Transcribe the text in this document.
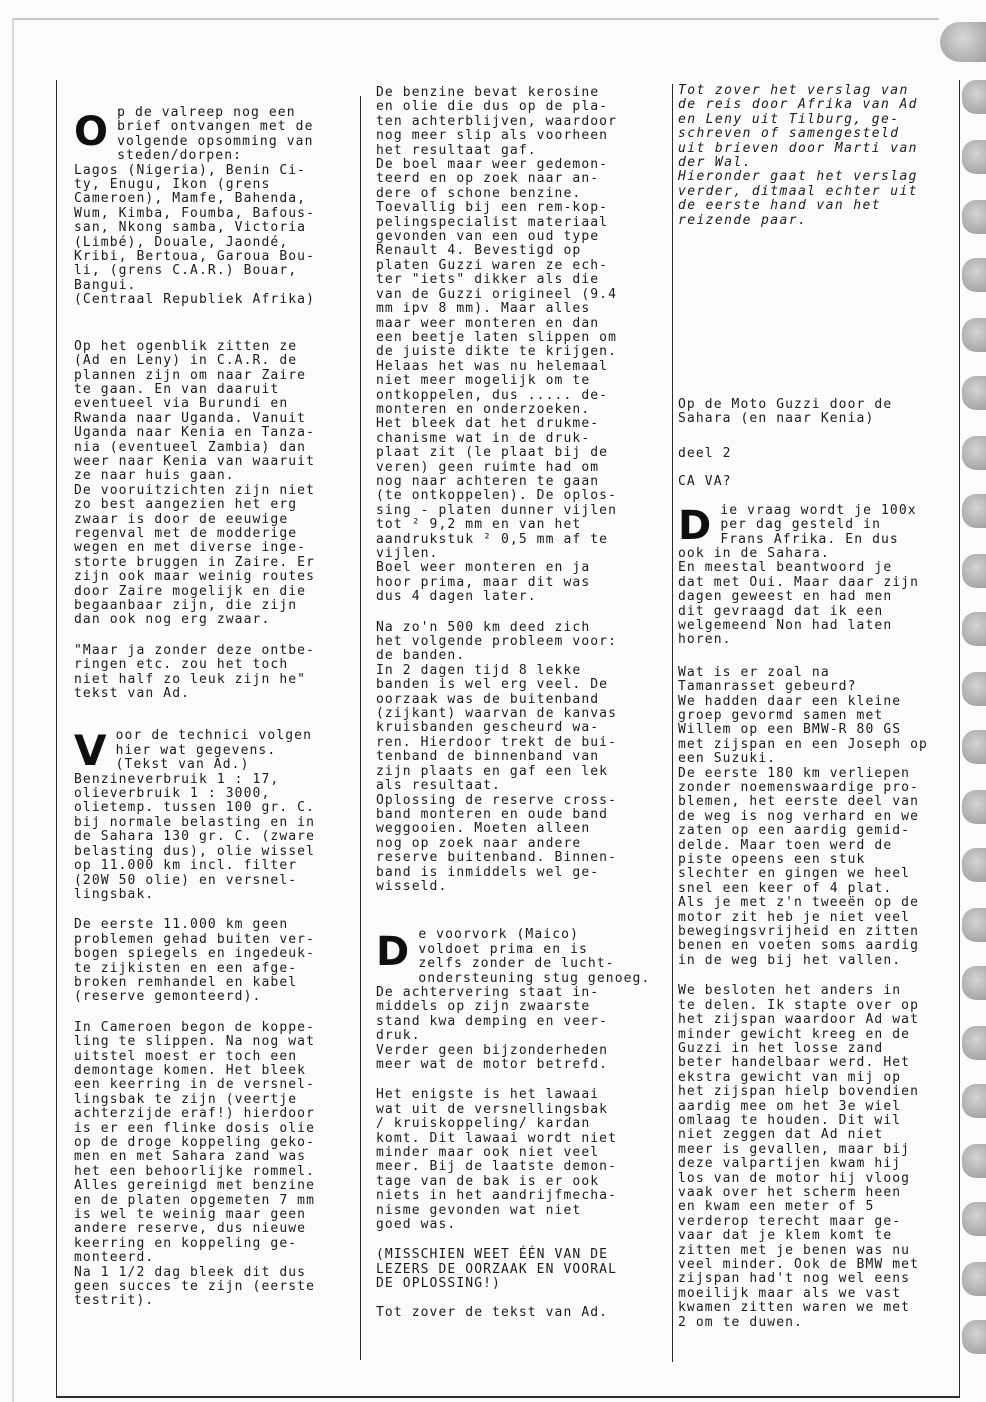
O p de valreep nog een
brief ontvangen met de
volgende opsomming van
steden/dorpen:
Lagos (Nigeria), Benin Ci-
ty, Enugu, Ikon (grens
Cameroen), Mamfe, Bahenda,
Wum, Kimba, Foumba, Bafous-
san, Nkong samba, Victoria
(Limbé), Douale, Jaondé,
Kribi, Bertoua, Garoua Bou-
li, (grens C.A.R.) Bouar,
Bangui.
(Centraal Republiek Afrika)

Op het ogenblik zitten ze
(Ad en Leny) in C.A.R. de
plannen zijn om naar Zaire
te gaan. En van daaruit
eventueel via Burundi en
Rwanda naar Uganda. Vanuit
Uganda naar Kenia en Tanza-
nia (eventueel Zambia) dan
weer naar Kenia van waaruit
ze naar huis gaan.
De vooruitzichten zijn niet
zo best aangezien het erg
zwaar is door de eeuwige
regenval met de modderige
wegen en met diverse inge-
storte bruggen in Zaire. Er
zijn ook maar weinig routes
door Zaire mogelijk en die
begaanbaar zijn, die zijn
dan ook nog erg zwaar.

"Maar ja zonder deze ontbe-
ringen etc. zou het toch
niet half zo leuk zijn he"
tekst van Ad.

V oor de technici volgen
hier wat gegevens.
(Tekst van Ad.)
Benzineverbruik 1 : 17,
olieverbruik 1 : 3000,
olietemp. tussen 100 gr. C.
bij normale belasting en in
de Sahara 130 gr. C. (zware
belasting dus), olie wissel
op 11.000 km incl. filter
(20W 50 olie) en versnel-
lingsbak.

De eerste 11.000 km geen
problemen gehad buiten ver-
bogen spiegels en ingedeuk-
te zijkisten en een afge-
broken remhandel en kabel
(reserve gemonteerd).

In Cameroen begon de koppe-
ling te slippen. Na nog wat
uitstel moest er toch een
demontage komen. Het bleek
een keerring in de versnel-
lingsbak te zijn (veertje
achterzijde eraf!) hierdoor
is er een flinke dosis olie
op de droge koppeling geko-
men en met Sahara zand was
het een behoorlijke rommel.
Alles gereinigd met benzine
en de platen opgemeten 7 mm
is wel te weinig maar geen
andere reserve, dus nieuwe
keerring en koppeling ge-
monteerd.
Na 1 1/2 dag bleek dit dus
geen succes te zijn (eerste
testrit).

De benzine bevat kerosine
en olie die dus op de pla-
ten achterblijven, waardoor
nog meer slip als voorheen
het resultaat gaf.
De boel maar weer gedemon-
teerd en op zoek naar an-
dere of schone benzine.
Toevallig bij een rem-kop-
pelingspecialist materiaal
gevonden van een oud type
Renault 4. Bevestigd op
platen Guzzi waren ze ech-
ter "iets" dikker als die
van de Guzzi origineel (9.4
mm ipv 8 mm). Maar alles
maar weer monteren en dan
een beetje laten slippen om
de juiste dikte te krijgen.
Helaas het was nu helemaal
niet meer mogelijk om te
ontkoppelen, dus ..... de-
monteren en onderzoeken.
Het bleek dat het drukme-
chanisme wat in de druk-
plaat zit (le plaat bij de
veren) geen ruimte had om
nog naar achteren te gaan
(te ontkoppelen). De oplos-
sing - platen dunner vijlen
tot ² 9,2 mm en van het
aandrukstuk ² 0,5 mm af te
vijlen.
Boel weer monteren en ja
hoor prima, maar dit was
dus 4 dagen later.

Na zo'n 500 km deed zich
het volgende probleem voor:
de banden.
In 2 dagen tijd 8 lekke
banden is wel erg veel. De
oorzaak was de buitenband
(zijkant) waarvan de kanvas
kruisbanden gescheurd wa-
ren. Hierdoor trekt de bui-
tenband de binnenband van
zijn plaats en gaf een lek
als resultaat.
Oplossing de reserve cross-
band monteren en oude band
weggooien. Moeten alleen
nog op zoek naar andere
reserve buitenband. Binnen-
band is inmiddels wel ge-
wisseld.

D e voorvork (Maico)
voldoet prima en is
zelfs zonder de lucht-
ondersteuning stug genoeg.
De achtervering staat in-
middels op zijn zwaarste
stand kwa demping en veer-
druk.
Verder geen bijzonderheden
meer wat de motor betrefd.

Het enigste is het lawaai
wat uit de versnellingsbak
/ kruiskoppeling/ kardan
komt. Dit lawaai wordt niet
minder maar ook niet veel
meer. Bij de laatste demon-
tage van de bak is er ook
niets in het aandrijfmecha-
nisme gevonden wat niet
goed was.

(MISSCHIEN WEET ÉÉN VAN DE
LEZERS DE OORZAAK EN VOORAL
DE OPLOSSING!)

Tot zover de tekst van Ad.

Tot zover het verslag van
de reis door Afrika van Ad
en Leny uit Tilburg, ge-
schreven of samengesteld
uit brieven door Marti van
der Wal.
Hieronder gaat het verslag
verder, ditmaal echter uit
de eerste hand van het
reizende paar.

Op de Moto Guzzi door de
Sahara (en naar Kenia)

deel 2

CA VA?

D ie vraag wordt je 100x
per dag gesteld in
Frans Afrika. En dus
ook in de Sahara.
En meestal beantwoord je
dat met Oui. Maar daar zijn
dagen geweest en had men
dit gevraagd dat ik een
welgemeend Non had laten
horen.

Wat is er zoal na
Tamanrasset gebeurd?
We hadden daar een kleine
groep gevormd samen met
Willem op een BMW-R 80 GS
met zijspan en een Joseph op
een Suzuki.
De eerste 180 km verliepen
zonder noemenswaardige pro-
blemen, het eerste deel van
de weg is nog verhard en we
zaten op een aardig gemid-
delde. Maar toen werd de
piste opeens een stuk
slechter en gingen we heel
snel een keer of 4 plat.
Als je met z'n tweeën op de
motor zit heb je niet veel
bewegingsvrijheid en zitten
benen en voeten soms aardig
in de weg bij het vallen.

We besloten het anders in
te delen. Ik stapte over op
het zijspan waardoor Ad wat
minder gewicht kreeg en de
Guzzi in het losse zand
beter handelbaar werd. Het
ekstra gewicht van mij op
het zijspan hielp bovendien
aardig mee om het 3e wiel
omlaag te houden. Dit wil
niet zeggen dat Ad niet
meer is gevallen, maar bij
deze valpartijen kwam hij
los van de motor hij vloog
vaak over het scherm heen
en kwam een meter of 5
verderop terecht maar ge-
vaar dat je klem komt te
zitten met je benen was nu
veel minder. Ook de BMW met
zijspan had't nog wel eens
moeilijk maar als we vast
kwamen zitten waren we met
2 om te duwen.
